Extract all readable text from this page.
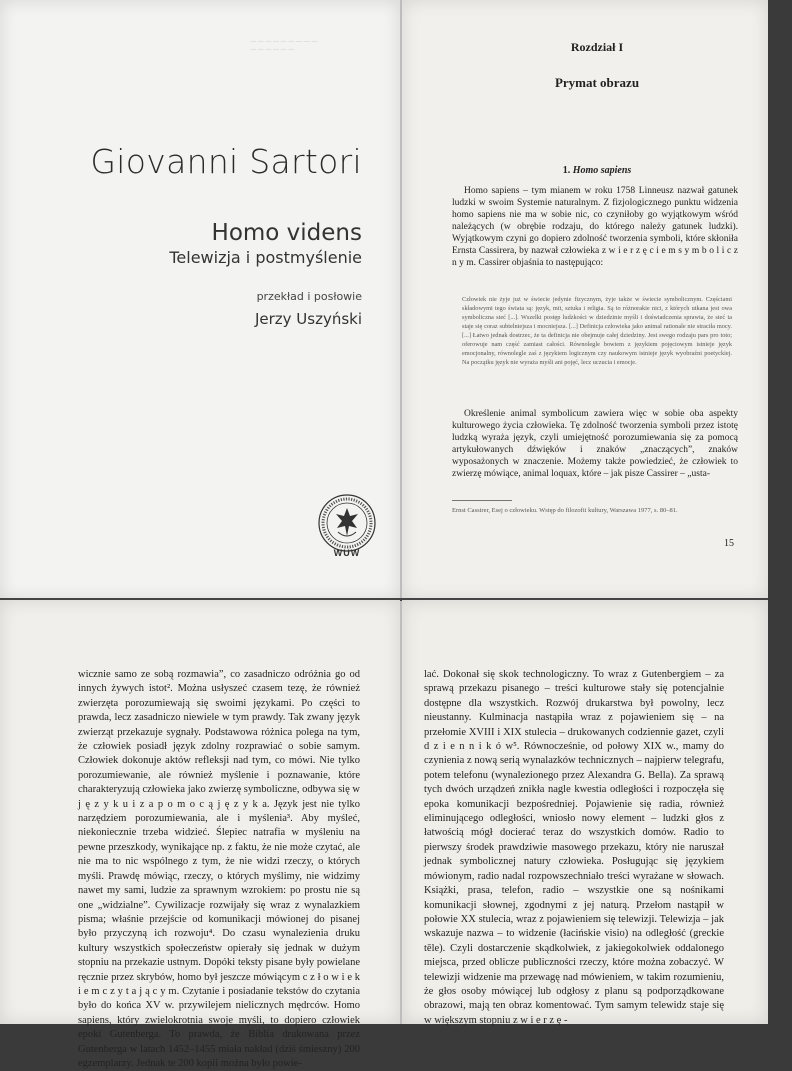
— — — — — — — — —
— — — — — —
Giovanni Sartori
Homo videns
Telewizja i postmyślenie
przekład i posłowie
Jerzy Uszyński
WUW
Rozdział I
Prymat obrazu
1. Homo sapiens

Homo sapiens – tym mianem w roku 1758 Linneusz nazwał gatunek ludzki w swoim Systemie naturalnym. Z fizjologicznego punktu widzenia homo sapiens nie ma w sobie nic, co czyniłoby go wyjątkowym wśród należących (w obrębie rodzaju, do którego należy gatunek ludzki). Wyjątkowym czyni go dopiero zdolność tworzenia symboli, które skłoniła Ernsta Cassirera, by nazwał człowieka z w i e r z ę c i e m s y m b o l i c z n y m. Cassirer objaśnia to następująco:

Człowiek nie żyje już w świecie jedynie fizycznym, żyje także w świecie symbolicznym. Częściami składowymi tego świata są: język, mit, sztuka i religia. Są to różnorakie nici, z których utkana jest owa symboliczna sieć [...]. Wszelki postęp ludzkości w dziedzinie myśli i doświadczenia sprawia, że sieć ta staje się coraz subtelniejsza i mocniejsza. [...] Definicja człowieka jako animal rationale nie straciła mocy. [...] Łatwo jednak dostrzec, że ta definicja nie obejmuje całej dziedziny. Jest swego rodzaju pars pro toto; oferowuje nam część zamiast całości. Równolegle bowiem z językiem pojęciowym istnieje język emocjonalny, równolegle zaś z językiem logicznym czy naukowym istnieje język wyobraźni poetyckiej. Na początku język nie wyraża myśli ani pojęć, lecz uczucia i emocje.

Określenie animal symbolicum zawiera więc w sobie oba aspekty kulturowego życia człowieka. Tę zdolność tworzenia symboli przez istotę ludzką wyraża język, czyli umiejętność porozumiewania się za pomocą artykułowanych dźwięków i znaków „znaczących”, znaków wyposażonych w znaczenie. Możemy także powiedzieć, że człowiek to zwierzę mówiące, animal loquax, które – jak pisze Cassirer – „usta-

Ernst Cassirer, Esej o człowieku. Wstęp do filozofii kultury, Warszawa 1977, s. 80–81.
15

wicznie samo ze sobą rozmawia”, co zasadniczo odróżnia go od innych żywych istot². Można usłyszeć czasem tezę, że również zwierzęta porozumiewają się swoimi językami. Po części to prawda, lecz zasadniczo niewiele w tym prawdy. Tak zwany język zwierząt przekazuje sygnały. Podstawowa różnica polega na tym, że człowiek posiadł język zdolny rozprawiać o sobie samym. Człowiek dokonuje aktów refleksji nad tym, co mówi. Nie tylko porozumiewanie, ale również myślenie i poznawanie, które charakteryzują człowieka jako zwierzę symboliczne, odbywa się w j ę z y k u i z a p o m o c ą j ę z y k a. Język jest nie tylko narzędziem porozumiewania, ale i myślenia³. Aby myśleć, niekoniecznie trzeba widzieć. Ślepiec natrafia w myśleniu na pewne przeszkody, wynikające np. z faktu, że nie może czytać, ale nie ma to nic wspólnego z tym, że nie widzi rzeczy, o których myśli. Prawdę mówiąc, rzeczy, o których myślimy, nie widzimy nawet my sami, ludzie za sprawnym wzrokiem: po prostu nie są one „widzialne”. Cywilizacje rozwijały się wraz z wynalazkiem pisma; właśnie przejście od komunikacji mówionej do pisanej było przyczyną ich rozwoju⁴. Do czasu wynalezienia druku kultury wszystkich społeczeństw opierały się jednak w dużym stopniu na przekazie ustnym. Dopóki teksty pisane były powielane ręcznie przez skrybów, homo był jeszcze mówiącym c z ł o w i e k i e m c z y t a j ą c y m. Czytanie i posiadanie tekstów do czytania było do końca XV w. przywilejem nielicznych mędrców. Homo sapiens, który zwielokrotnia swoje myśli, to dopiero człowiek epoki Gutenberga. To prawda, że Biblia drukowana przez Gutenberga w latach 1452–1455 miała nakład (dziś śmieszny) 200 egzemplarzy. Jednak te 200 kopii można było powie-

lać. Dokonał się skok technologiczny. To wraz z Gutenbergiem – za sprawą przekazu pisanego – treści kulturowe stały się potencjalnie dostępne dla wszystkich. Rozwój drukarstwa był powolny, lecz nieustanny. Kulminacja nastąpiła wraz z pojawieniem się – na przełomie XVIII i XIX stulecia – drukowanych codziennie gazet, czyli d z i e n n i k ó w⁵. Równocześnie, od połowy XIX w., mamy do czynienia z nową serią wynalazków technicznych – najpierw telegrafu, potem telefonu (wynalezionego przez Alexandra G. Bella). Za sprawą tych dwóch urządzeń znikła nagle kwestia odległości i rozpoczęła się epoka komunikacji bezpośredniej. Pojawienie się radia, również eliminującego odległości, wniosło nowy element – ludzki głos z łatwością mógł docierać teraz do wszystkich domów. Radio to pierwszy środek prawdziwie masowego przekazu, który nie naruszał jednak symbolicznej natury człowieka. Posługując się językiem mówionym, radio nadal rozpowszechniało treści wyrażane w słowach. Książki, prasa, telefon, radio – wszystkie one są nośnikami komunikacji słownej, zgodnymi z jej naturą. Przełom nastąpił w połowie XX stulecia, wraz z pojawieniem się telewizji. Telewizja – jak wskazuje nazwa – to widzenie (łacińskie visio) na odległość (greckie tēle). Czyli dostarczenie skądkolwiek, z jakiegokolwiek oddalonego miejsca, przed oblicze publiczności rzeczy, które można zobaczyć. W telewizji widzenie ma przewagę nad mówieniem, w takim rozumieniu, że głos osoby mówiącej lub odgłosy z planu są podporządkowane obrazowi, mają ten obraz komentować. Tym samym telewidz staje się w większym stopniu z w i e r z ę -
